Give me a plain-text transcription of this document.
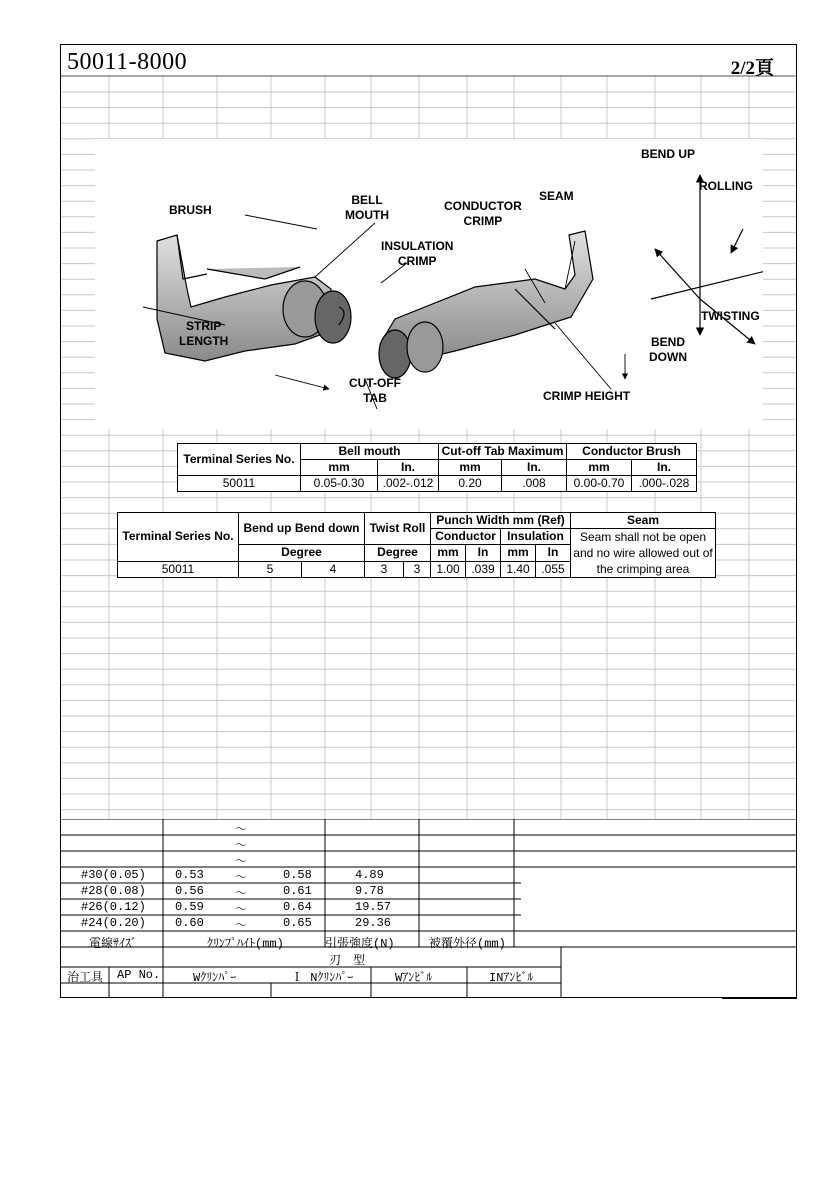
50011-8000	2/2頁
BRUSH
BELL
MOUTH
INSULATION
CRIMP
STRIP
LENGTH
CUT-OFF
TAB
CONDUCTOR
CRIMP
SEAM
CRIMP HEIGHT
BEND UP
ROLLING
TWISTING
BEND
DOWN
Terminal Series No.	Bell mouth		Cut-off Tab Maximum		Conductor Brush	
	mm	In.	mm	In.	mm	In.
50011	0.05-0.30	.002-.012	0.20	.008	0.00-0.70	.000-.028
Terminal Series No.	Bend up Bend down		Twist Roll		Punch Width mm (Ref)				Seam
					Conductor		Insulation		Seam shall not be open
and no wire allowed out of
the crimping area

	Degree		Degree		mm	In	mm	In	
50011	5	4	3	3	1.00	.039	1.40	.055	
～
～
～
#30(0.05) 0.53	～	0.58	4.89
#28(0.08) 0.56	～	0.61	9.78
#26(0.12) 0.59	～	0.64	19.57
#24(0.20) 0.60	～	0.65	29.36
電線ｻｲｽﾞ	ｸﾘﾝﾌﾟﾊｲﾄ(mm)	引張強度(N)	被覆外径(mm)
刃　型
治工具 AP No.	Wｸﾘﾝﾊﾟｰ	Ｉ Nｸﾘﾝﾊﾟｰ	Wｱﾝﾋﾞﾙ	INｱﾝﾋﾞﾙ
